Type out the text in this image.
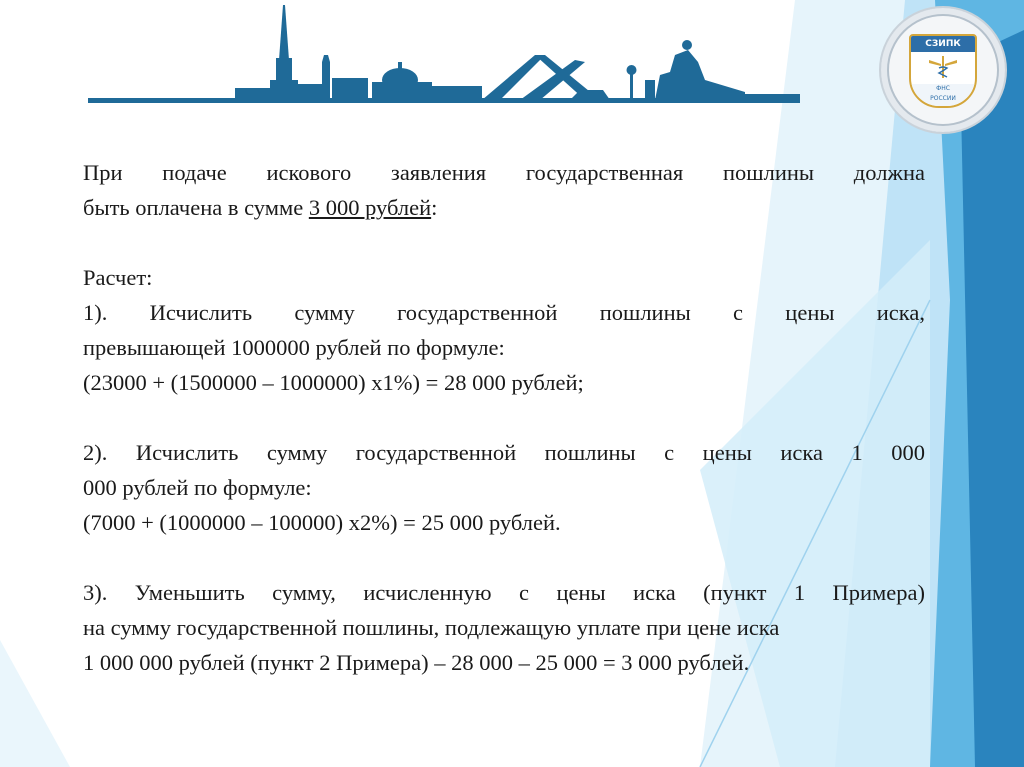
СЗИПК
ФНС
РОССИИ

При подаче искового заявления государственная пошлины должна

быть оплачена в сумме 3 000 рублей:

Расчет:

1). Исчислить сумму государственной пошлины с цены иска,

превышающей 1000000 рублей по формуле:

(23000 + (1500000 – 1000000) х1%) = 28 000 рублей;

2). Исчислить сумму государственной пошлины с цены иска 1 000

000 рублей по формуле:

(7000 + (1000000 – 100000) х2%) = 25 000 рублей.

3). Уменьшить сумму, исчисленную с цены иска (пункт 1 Примера)

на сумму государственной пошлины, подлежащую уплате при цене иска

1 000 000 рублей (пункт 2 Примера) – 28 000 – 25 000 = 3 000 рублей.
